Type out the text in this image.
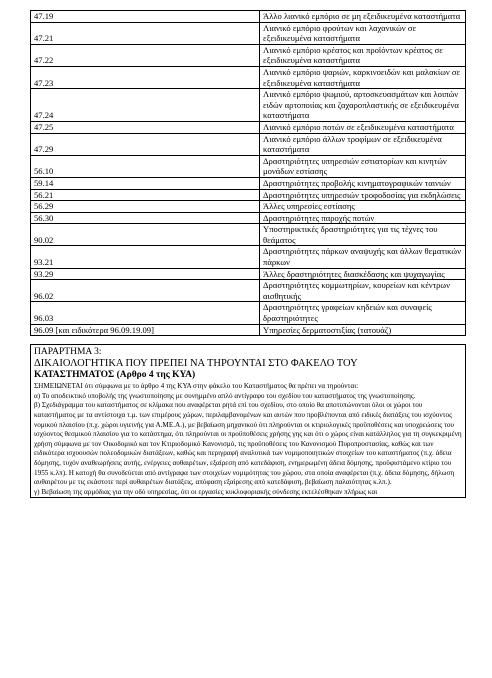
47.19	Άλλο λιανικό εμπόριο σε μη εξειδικευμένα καταστήματα
47.21	Λιανικό εμπόριο φρούτων και λαχανικών σε εξειδικευμένα καταστήματα
47.22	Λιανικό εμπόριο κρέατος και προϊόντων κρέατος σε εξειδικευμένα καταστήματα
47.23	Λιανικό εμπόριο ψαριών, καρκινοειδών και μαλακίων σε εξειδικευμένα καταστήματα
47.24	Λιανικό εμπόριο ψωμιού, αρτοσκευασμάτων και λοιπών ειδών αρτοποιίας και ζαχαροπλαστικής σε εξειδικευμένα καταστήματα
47.25	Λιανικό εμπόριο ποτών σε εξειδικευμένα καταστήματα
47.29	Λιανικό εμπόριο άλλων τροφίμων σε εξειδικευμένα καταστήματα
56.10	Δραστηριότητες υπηρεσιών εστιατορίων και κινητών μονάδων εστίασης
59.14	Δραστηριότητες προβολής κινηματογραφικών ταινιών
56.21	Δραστηριότητες υπηρεσιών τροφοδοσίας για εκδηλώσεις
56.29	Άλλες υπηρεσίες εστίασης
56.30	Δραστηριότητες παροχής ποτών
90.02	Υποστηρικτικές δραστηριότητες για τις τέχνες του θεάματος
93.21	Δραστηριότητες πάρκων αναψυχής και άλλων θεματικών πάρκων
93.29	Άλλες δραστηριότητες διασκέδασης και ψυχαγωγίας
96.02	Δραστηριότητες κομμωτηρίων, κουρείων και κέντρων αισθητικής
96.03	Δραστηριότητες γραφείων κηδειών και συναφείς δραστηριότητες
96.09 [και ειδικότερα 96.09.19.09]	Υπηρεσίες δερματοστιξίας (τατουάζ)
ΠΑΡΑΡΤΗΜΑ 3:
ΔΙΚΑΙΟΛΟΓΗΤΙΚΑ ΠΟΥ ΠΡΕΠΕΙ ΝΑ ΤΗΡΟΥΝΤΑΙ ΣΤΟ ΦΑΚΕΛΟ ΤΟΥ
ΚΑΤΑΣΤΗΜΑΤΟΣ (Αρθρο 4 της ΚΥΑ)

ΣΗΜΕΙΩΝΕΤΑΙ ότι σύμφωνα με το άρθρο 4 της ΚΥΑ στην φάκελο του Καταστήματος θα πρέπει να τηρούνται:

α) Το αποδεικτικό υποβολής της γνωστοποίησης με συνημμένο απλό αντίγραφο του σχεδίου του καταστήματος της γνωστοποίησης.

β) Σχεδιάγραμμα του καταστήματος σε κλίμακα που αναφέρεται ρητά επί του σχεδίου, στο οποίο θα αποτυπώνονται όλοι οι χώροι του καταστήματος με τα αντίστοιχα τ.μ. των επιμέρους χώρων, περιλαμβανομένων και αυτών που προβλέπονται από ειδικές διατάξεις του ισχύοντος νομικού πλαισίου (π.χ. χώροι υγιεινής για Α.ΜΕ.Α.), με βεβαίωση μηχανικού ότι πληρούνται οι κτιριολογικές προϋποθέσεις και υποχρεώσεις του ισχύοντος θεσμικού πλαισίου για το κατάστημα, ότι πληρούνται οι προϋποθέσεις χρήσης γης και ότι ο χώρος είναι κατάλληλος για τη συγκεκριμένη χρήση σύμφωνα με τον Οικοδομικό και τον Κτιριοδομικό Κανονισμό, τις προϋποθέσεις του Κανονισμού Πυροπροστασίας, καθώς και των ειδικότερα ισχυουσών πολεοδομικών διατάξεων, καθώς και περιγραφή αναλυτικά των νομιμοποιητικών στοιχείων του καταστήματος (π.χ. άδεια δόμησης, τυχόν αναθεωρήσεις αυτής, ενέργειες αυθαιρέτων, εξαίρεση από κατεδάφιση, ενημερωμένη άδεια δόμησης, προϋφιστάμενο κτίριο του 1955 κ.λπ). Η κατοχή θα συνοδεύεται από αντίγραφα των στοιχείων νομιμότητας του χώρου, στα οποία αναφέρεται (π.χ. άδεια δόμησης, δήλωση αυθαιρέτου με τις εκάστοτε περί αυθαιρέτων διατάξεις, απόφαση εξαίρεσης από κατεδάφιση, βεβαίωση παλαιότητας κ.λπ.).

γ) Βεβαίωση της αρμόδιας για την οδό υπηρεσίας, ότι οι εργασίες κυκλοφοριακής σύνδεσης εκτελέσθηκαν πλήρως και
